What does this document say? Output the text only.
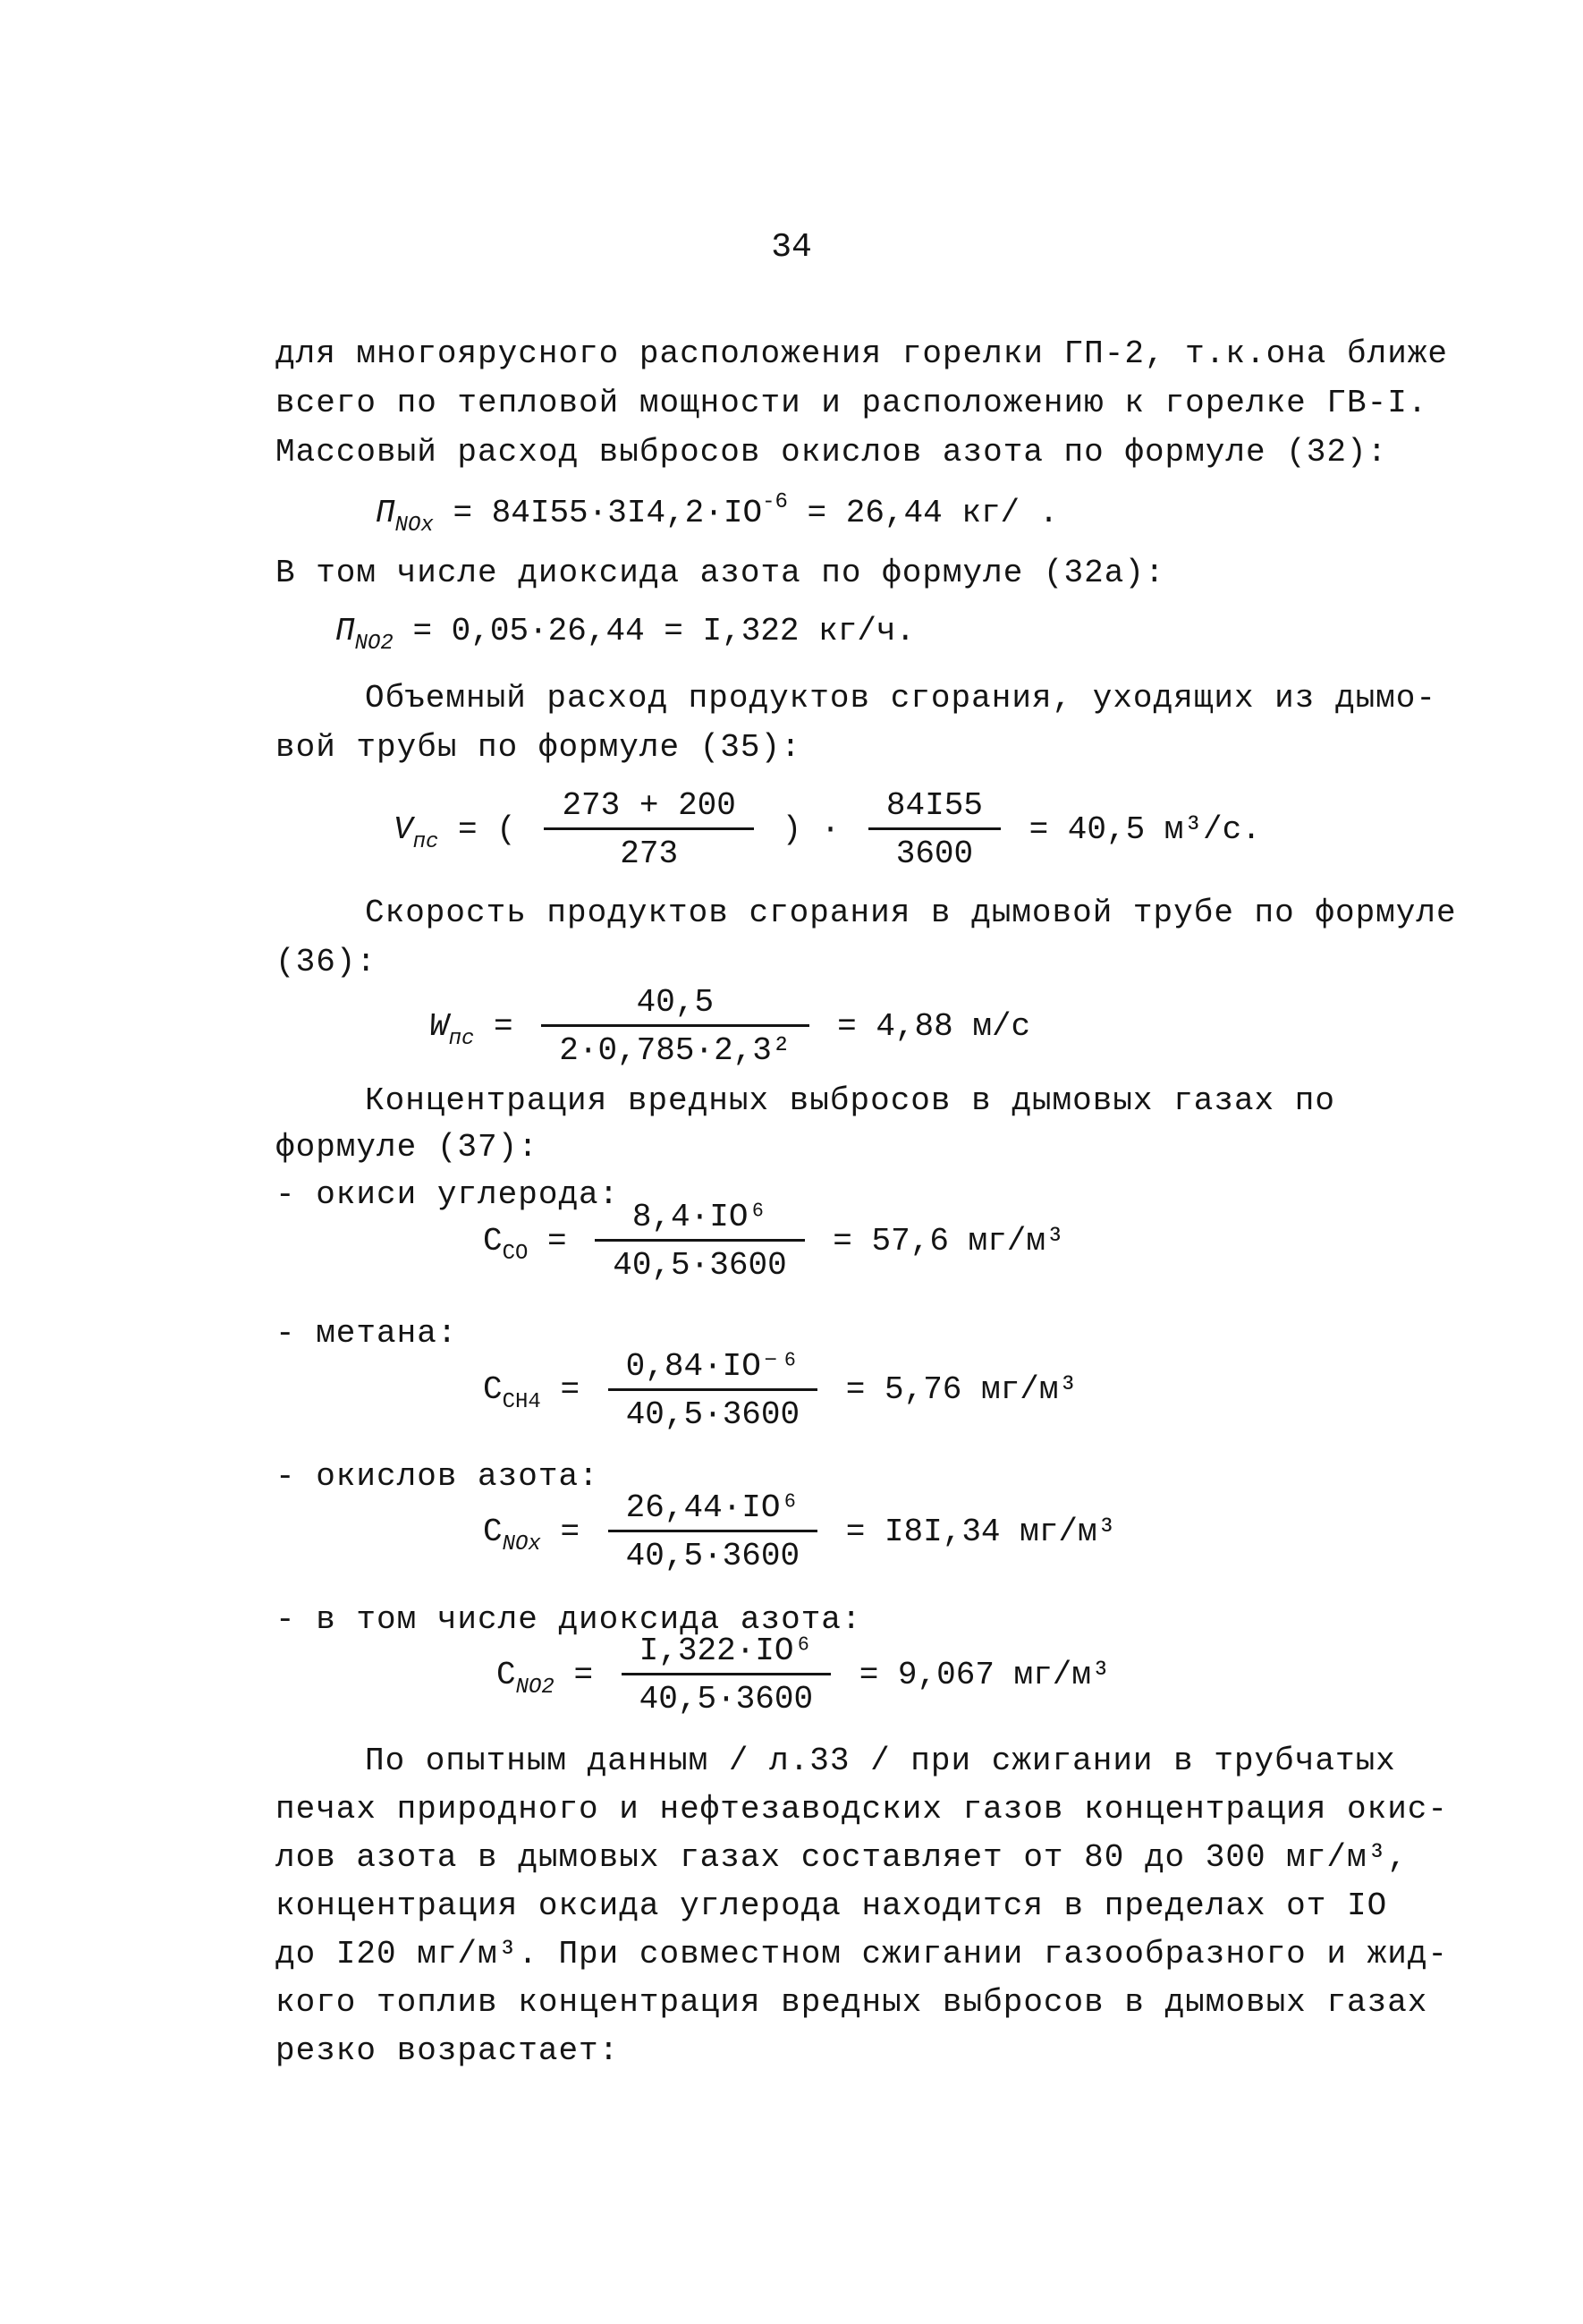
34
для многоярусного расположения горелки ГП-2, т.к.она ближе
всего по тепловой мощности и расположению к горелке ГВ-I.
Массовый расход выбросов окислов азота по формуле (32):
$П_{NOx} = 84I55\cdot 3I4,2\cdot IO^{-6} = 26,44$ кг/ .
В том числе диоксида азота по формуле (32а):
$П_{NO2} = 0,05\cdot 26,44 = I,322$ кг/ч.
Объемный расход продуктов сгорания, уходящих из дымо-
вой трубы по формуле (35):
$V_{пс}$ = ( $\frac{273 + 200}{273}$ ) · $\frac{84I55}{3600} = 40,5$ м³/с.
Скорость продуктов сгорания в дымовой трубе по формуле
(36):
$W_{пс} = \frac{40,5}{\text{2·0,785·2,3²}} = 4,88$ м/с
Концентрация вредных выбросов в дымовых газах по
формуле (37):
- окиси углерода:
$C_{CO} = \frac{\text{8,4·IO⁶}}{40,5\cdot 3600} = 57,6$ мг/м³
- метана:
$C_{CH4} = \frac{\text{0,84·IO⁻⁶}}{40,5\cdot 3600} = 5,76$ мг/м³
- окислов азота:
$C_{NOx} = \frac{\text{26,44·IO⁶}}{40,5\cdot 3600} = I8I,34$ мг/м³
- в том числе диоксида азота:
$C_{NO2} = \frac{\text{I,322·IO⁶}}{40,5\cdot 3600} = 9,067$ мг/м³
По опытным данным / л.33 / при сжигании в трубчатых
печах природного и нефтезаводских газов концентрация окис-
лов азота в дымовых газах составляет от 80 до 300 мг/м³,
концентрация оксида углерода находится в пределах от IO
до I20 мг/м³. При совместном сжигании газообразного и жид-
кого топлив концентрация вредных выбросов в дымовых газах
резко возрастает:
